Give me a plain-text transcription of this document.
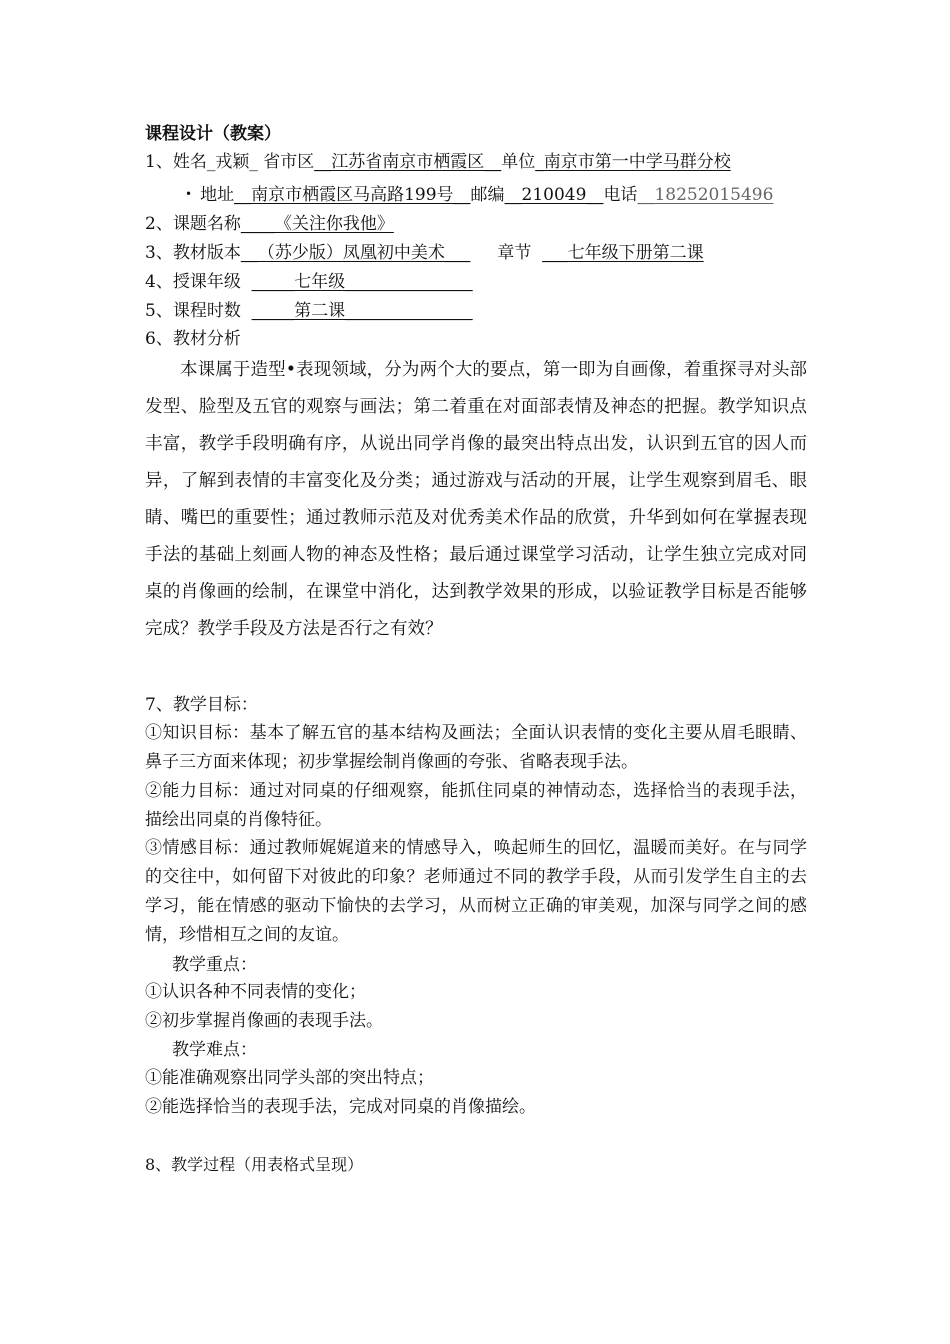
课程设计（教案）
1、姓名_戎颖_ 省市区__江苏省南京市栖霞区__单位_南京市第一中学马群分校
• 地址__南京市栖霞区马高路199号__邮编__210049__电话__18252015496
2、课题名称____《关注你我他》
3、教材版本__（苏少版）凤凰初中美术___ 章节 ___七年级下册第二课
4、授课年级 _____七年级_______________
5、课程时数 _____第二课_______________
6、教材分析
本课属于造型•表现领域，分为两个大的要点，第一即为自画像，着重探寻对头部发型、脸型及五官的观察与画法；第二着重在对面部表情及神态的把握。教学知识点丰富，教学手段明确有序，从说出同学肖像的最突出特点出发，认识到五官的因人而异，了解到表情的丰富变化及分类；通过游戏与活动的开展，让学生观察到眉毛、眼睛、嘴巴的重要性；通过教师示范及对优秀美术作品的欣赏，升华到如何在掌握表现手法的基础上刻画人物的神态及性格；最后通过课堂学习活动，让学生独立完成对同桌的肖像画的绘制，在课堂中消化，达到教学效果的形成，以验证教学目标是否能够完成？教学手段及方法是否行之有效？
7、教学目标：
①知识目标：基本了解五官的基本结构及画法；全面认识表情的变化主要从眉毛眼睛、鼻子三方面来体现；初步掌握绘制肖像画的夸张、省略表现手法。
②能力目标：通过对同桌的仔细观察，能抓住同桌的神情动态，选择恰当的表现手法，描绘出同桌的肖像特征。
③情感目标：通过教师娓娓道来的情感导入，唤起师生的回忆，温暖而美好。在与同学的交往中，如何留下对彼此的印象？老师通过不同的教学手段，从而引发学生自主的去学习，能在情感的驱动下愉快的去学习，从而树立正确的审美观，加深与同学之间的感情，珍惜相互之间的友谊。
教学重点：
①认识各种不同表情的变化；
②初步掌握肖像画的表现手法。
教学难点：
①能准确观察出同学头部的突出特点；
②能选择恰当的表现手法，完成对同桌的肖像描绘。
8、教学过程（用表格式呈现）
